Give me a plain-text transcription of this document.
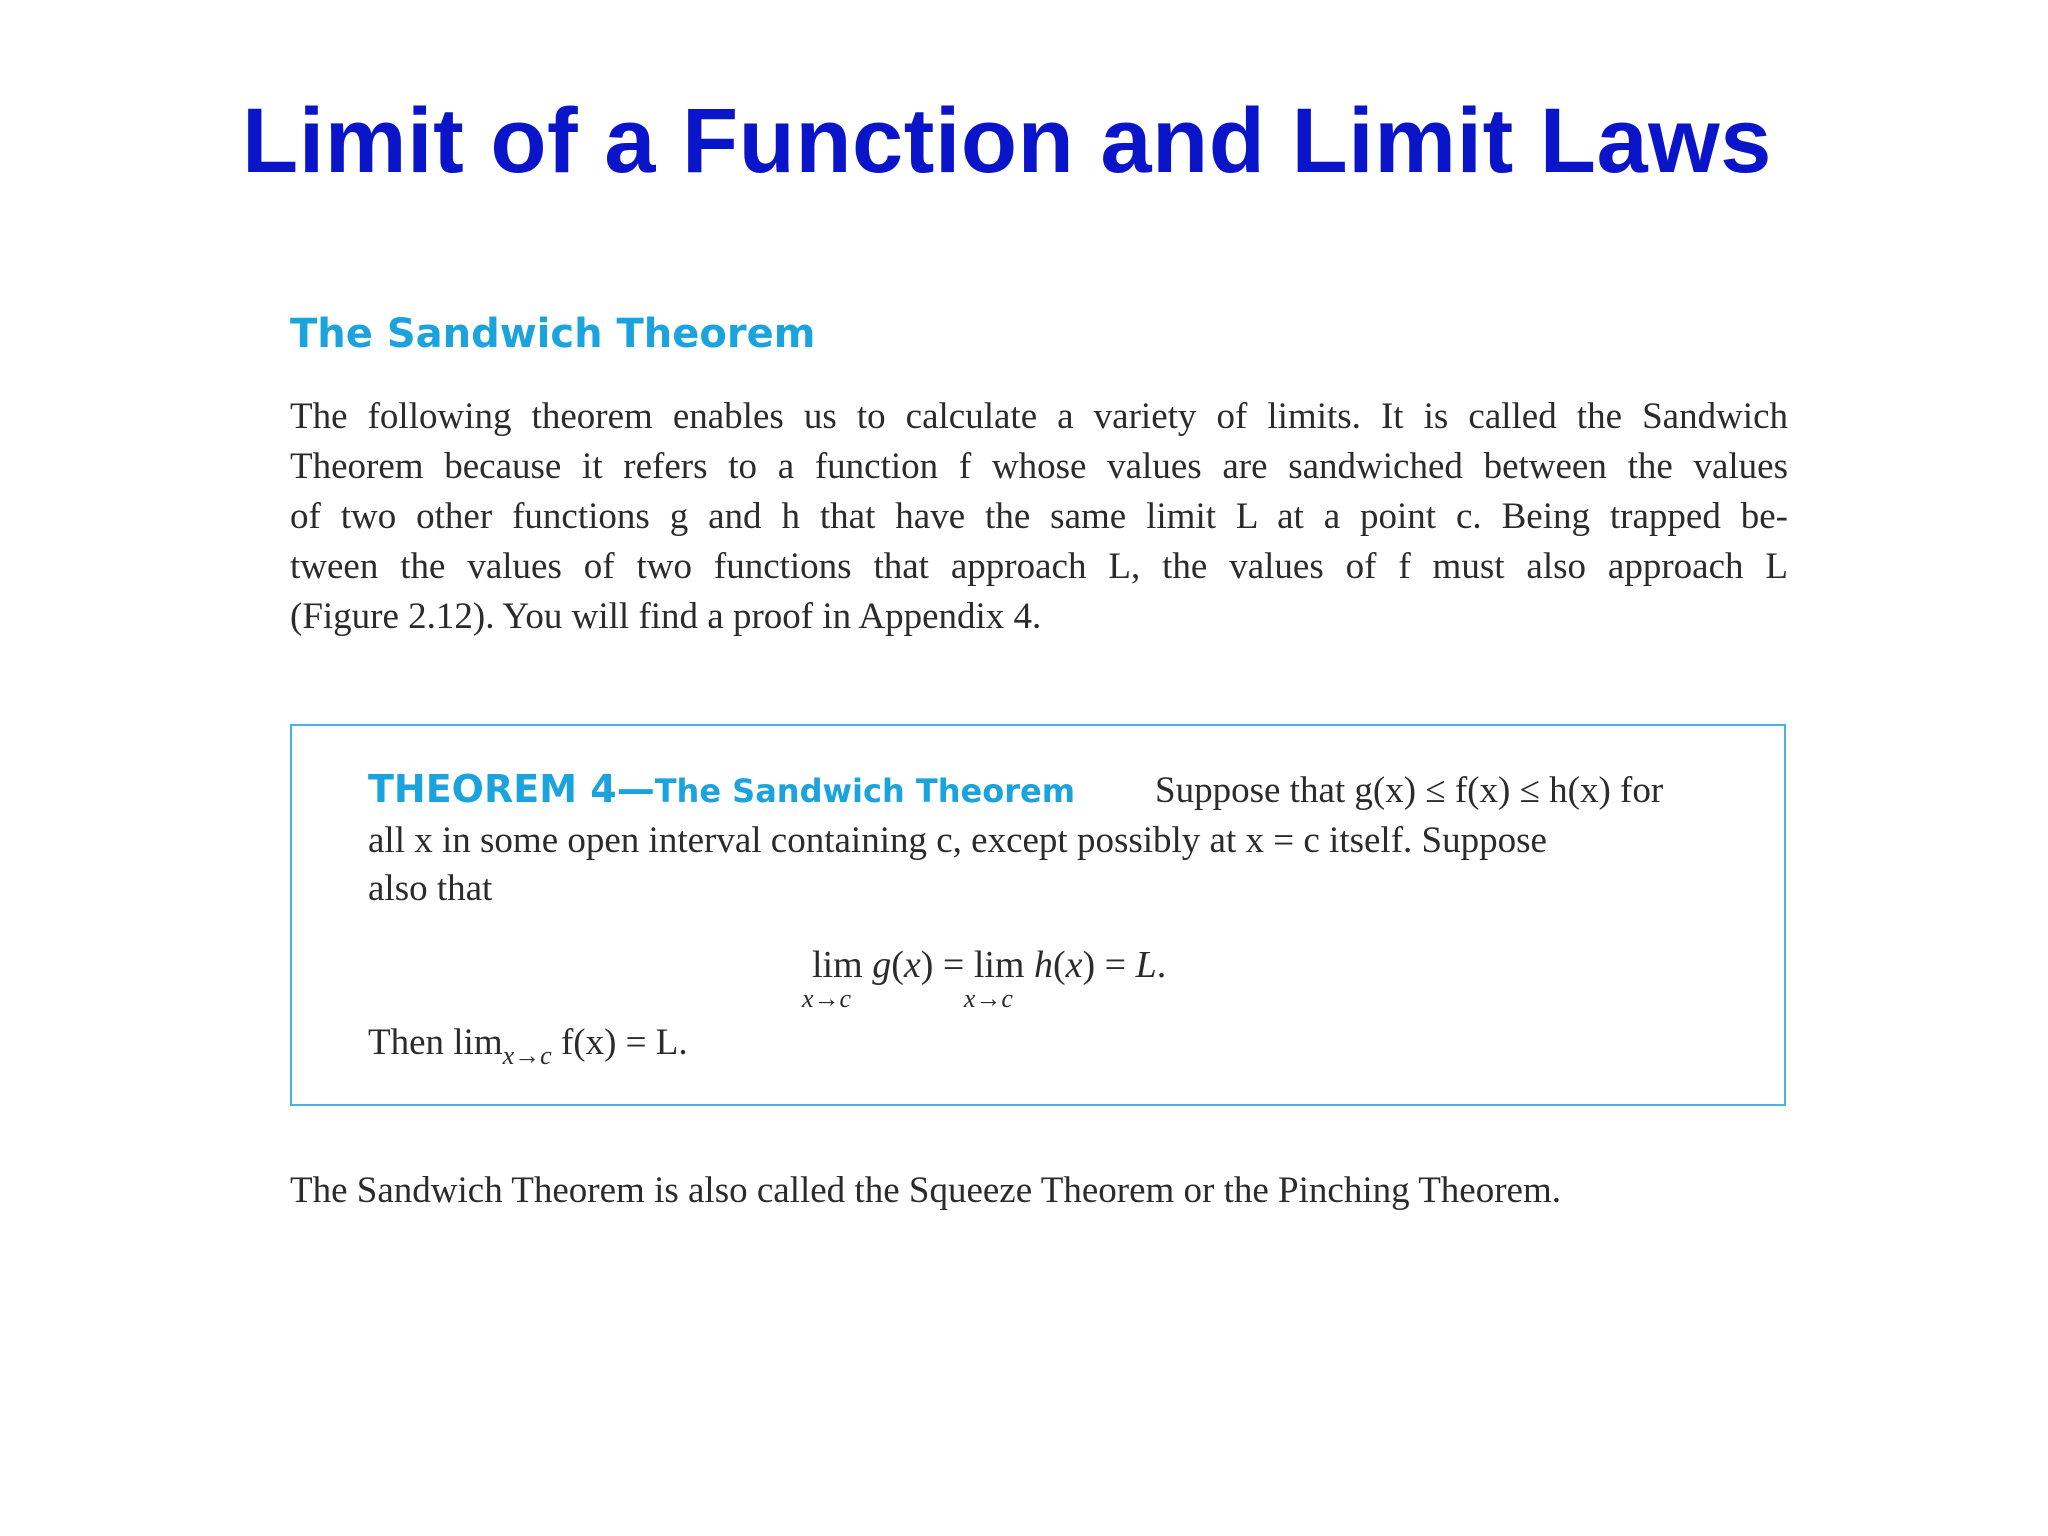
Limit of a Function and Limit Laws
The Sandwich Theorem
The following theorem enables us to calculate a variety of limits. It is called the Sandwich
Theorem because it refers to a function f whose values are sandwiched between the values
of two other functions g and h that have the same limit L at a point c. Being trapped be-
tween the values of two functions that approach L, the values of f must also approach L
(Figure 2.12). You will find a proof in Appendix 4.
THEOREM 4—The Sandwich Theorem Suppose that g(x) ≤ f(x) ≤ h(x) for
all x in some open interval containing c, except possibly at x = c itself. Suppose
also that
lim
x→c
g(x) = lim
x→c
h(x) = L.
Then $\lim_{x\to c} f(x) = L$.

The Sandwich Theorem is also called the Squeeze Theorem or the Pinching Theorem.
